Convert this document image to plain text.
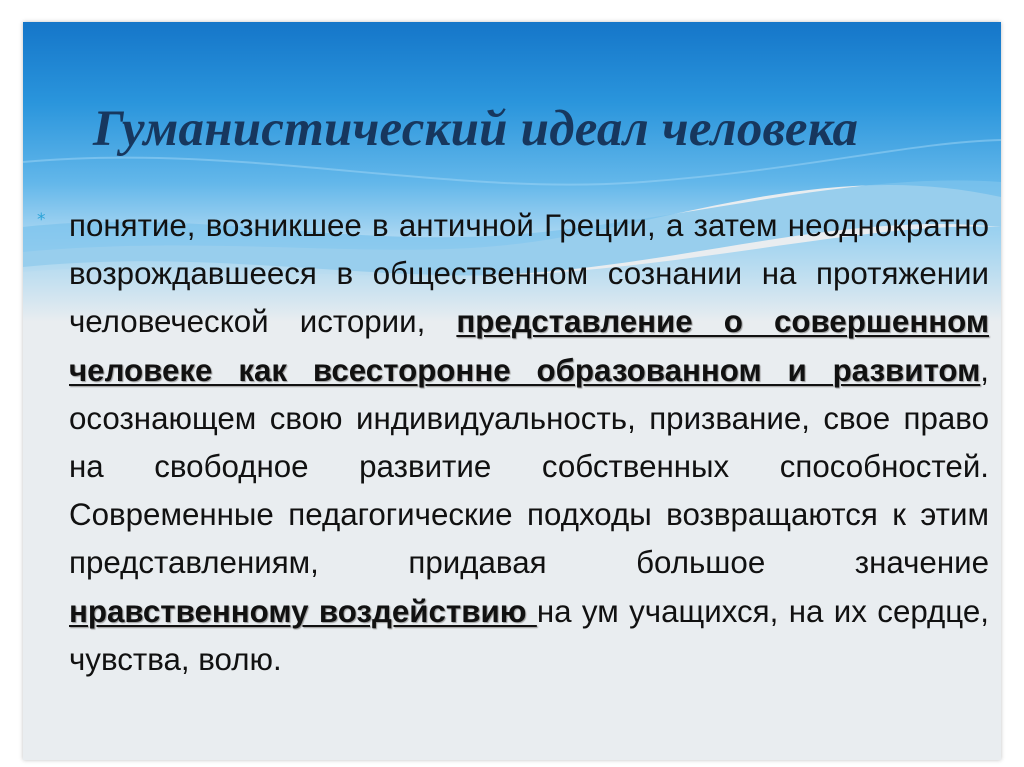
Гуманистический идеал человека
* понятие, возникшее в античной Греции, а затем неоднократно возрождавшееся в общественном сознании на протяжении человеческой истории, представление о совершенном человеке как всесторонне образованном и развитом, осознающем свою индивидуальность, призвание, свое право на свободное развитие собственных способностей. Современные педагогические подходы возвращаются к этим представлениям, придавая большое значение нравственному воздействию на ум учащихся, на их сердце, чувства, волю.
